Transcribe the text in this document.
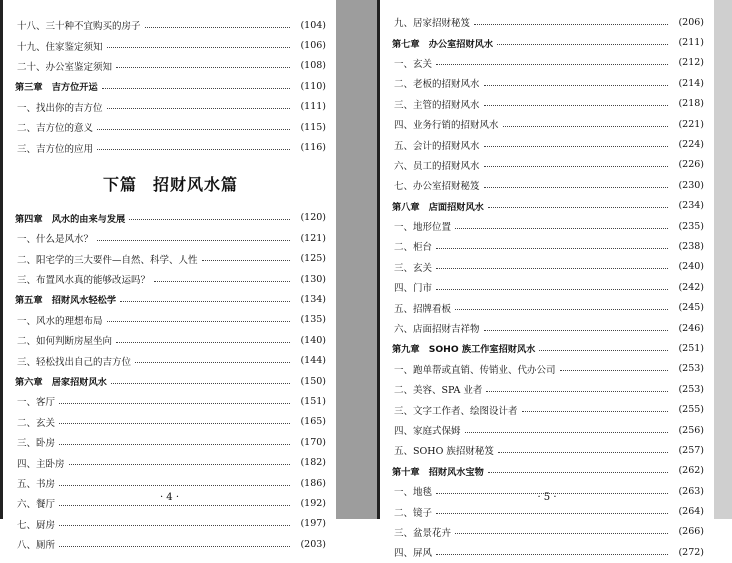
十八、三十种不宜购买的房子	(104)
十九、住家鉴定须知	(106)
二十、办公室鉴定须知	(108)
第三章　吉方位开运	(110)
一、找出你的吉方位	(111)
二、吉方位的意义	(115)
三、吉方位的应用	(116)
下篇 招财风水篇
第四章　风水的由来与发展	(120)
一、什么是风水？	(121)
二、阳宅学的三大要件—自然、科学、人性	(125)
三、布置风水真的能够改运吗？	(130)
第五章　招财风水轻松学	(134)
一、风水的理想布局	(135)
二、如何判断房屋坐向	(140)
三、轻松找出自己的吉方位	(144)
第六章　居家招财风水	(150)
一、客厅	(151)
二、玄关	(165)
三、卧房	(170)
四、主卧房	(182)
五、书房	(186)
六、餐厅	(192)
七、厨房	(197)
八、厕所	(203)
· 4 ·
九、居家招财秘笈	(206)
第七章　办公室招财风水	(211)
一、玄关	(212)
二、老板的招财风水	(214)
三、主管的招财风水	(218)
四、业务行销的招财风水	(221)
五、会计的招财风水	(224)
六、员工的招财风水	(226)
七、办公室招财秘笈	(230)
第八章　店面招财风水	(234)
一、地形位置	(235)
二、柜台	(238)
三、玄关	(240)
四、门市	(242)
五、招牌看板	(245)
六、店面招财吉祥物	(246)
第九章　SOHO 族工作室招财风水	(251)
一、跑单帮或直销、传销业、代办公司	(253)
二、美容、SPA 业者	(253)
三、文字工作者、绘图设计者	(255)
四、家庭式保姆	(256)
五、SOHO 族招财秘笈	(257)
第十章　招财风水宝物	(262)
一、地毯	(263)
二、镜子	(264)
三、盆景花卉	(266)
四、屏风	(272)
· 5 ·
